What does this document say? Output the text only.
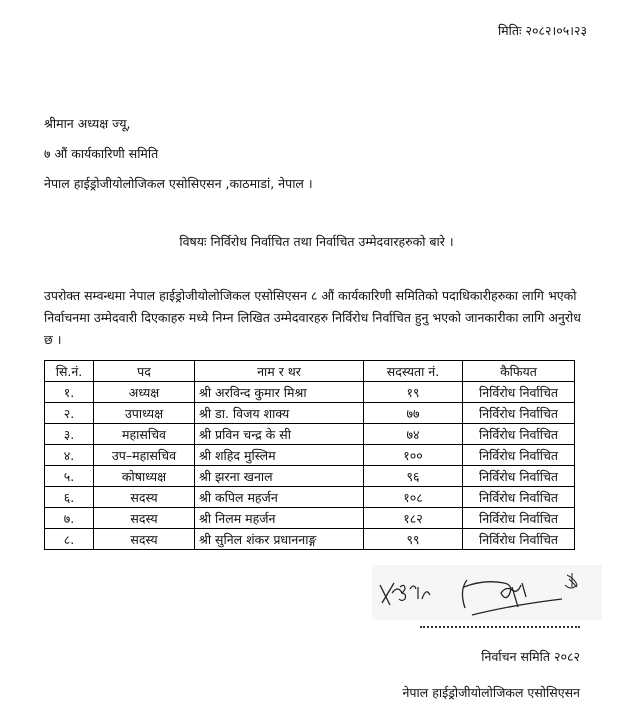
मितिः २०८२।०५।२३
श्रीमान अध्यक्ष ज्यू,
७ औं कार्यकारिणी समिति
नेपाल हाईड्रोजीयोलोजिकल एसोसिएसन ,काठमाडां, नेपाल ।
विषयः निर्विरोध निर्वाचित तथा निर्वाचित उम्मेदवारहरुको बारे ।
उपरोक्त सम्वन्धमा नेपाल हाईड्रोजीयोलोजिकल एसोसिएसन ८ औं कार्यकारिणी समितिको पदाधिकारीहरुका लागि भएको निर्वाचनमा उम्मेदवारी दिएकाहरु मध्ये निम्न लिखित उम्मेदवारहरु निर्विरोध निर्वाचित हुनु भएको जानकारीका लागि अनुरोध छ ।
सि.नं.	पद	नाम र थर	सदस्यता नं.	कैफियत
१.	अध्यक्ष	श्री अरविन्द कुमार मिश्रा	१९	निर्विरोध निर्वाचित
२.	उपाध्यक्ष	श्री डा. विजय शाक्य	७७	निर्विरोध निर्वाचित
३.	महासचिव	श्री प्रविन चन्द्र के सी	७४	निर्विरोध निर्वाचित
४.	उप–महासचिव	श्री शहिद मुस्लिम	१००	निर्विरोध निर्वाचित
५.	कोषाध्यक्ष	श्री झरना खनाल	९६	निर्विरोध निर्वाचित
६.	सदस्य	श्री कपिल महर्जन	१०८	निर्विरोध निर्वाचित
७.	सदस्य	श्री निलम महर्जन	१८२	निर्विरोध निर्वाचित
८.	सदस्य	श्री सुनिल शंकर प्रधाननाङ्ग	९९	निर्विरोध निर्वाचित
निर्वाचन समिति २०८२
नेपाल हाईड्रोजीयोलोजिकल एसोसिएसन
